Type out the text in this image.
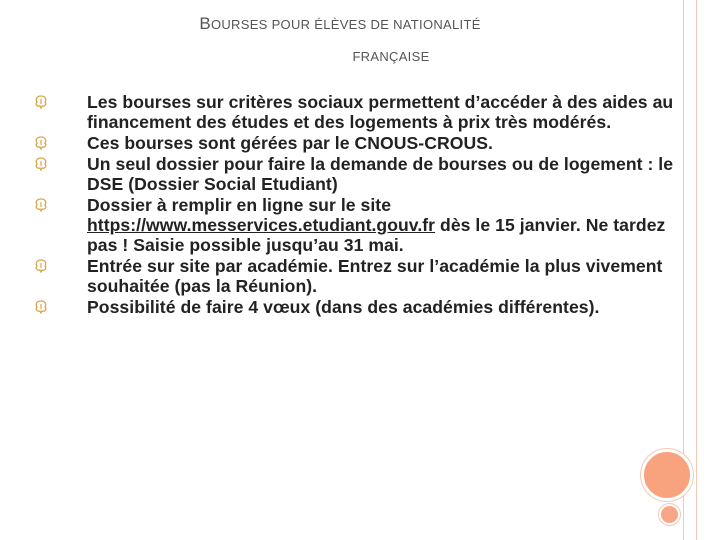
BOURSES POUR ÉLÈVES DE NATIONALITÉ
FRANÇAISE
Les bourses sur critères sociaux permettent d’accéder à des aides au financement des études et des logements à prix très modérés.
Ces bourses sont gérées par le CNOUS-CROUS.
Un seul dossier pour faire la demande de bourses ou de logement : le DSE (Dossier Social Etudiant)
Dossier à remplir en ligne sur le site https://www.messervices.etudiant.gouv.fr dès le 15 janvier. Ne tardez pas ! Saisie possible jusqu’au 31 mai.
Entrée sur site par académie. Entrez sur l’académie la plus vivement souhaitée (pas la Réunion).
Possibilité de faire 4 vœux (dans des académies différentes).
